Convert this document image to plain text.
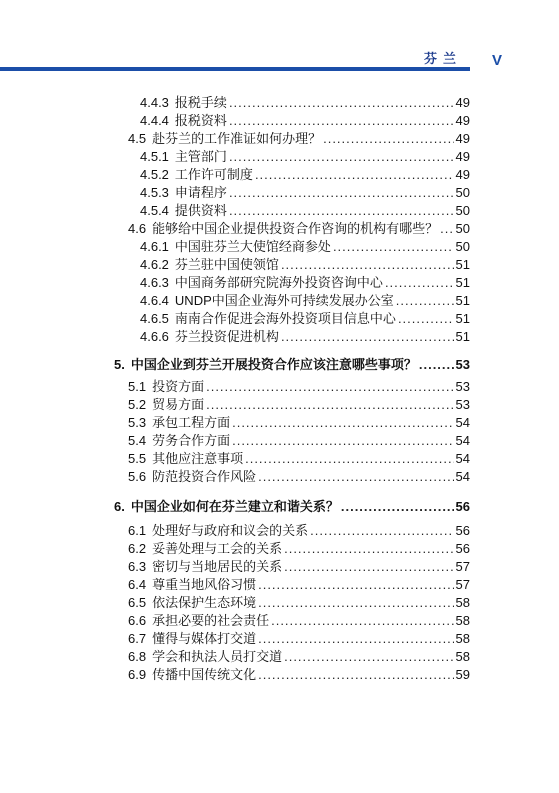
芬兰 V
4.4.3 报税手续 .....	49
4.4.4 报税资料 .....	49
4.5 赴芬兰的工作准证如何办理？ .....	49
4.5.1 主管部门 .....	49
4.5.2 工作许可制度 .....	49
4.5.3 申请程序 .....	50
4.5.4 提供资料 .....	50
4.6 能够给中国企业提供投资合作咨询的机构有哪些？ ..... 50
4.6.1 中国驻芬兰大使馆经商参处 .....	50
4.6.2 芬兰驻中国使领馆 .....	51
4.6.3 中国商务部研究院海外投资咨询中心 .....	51
4.6.4 UNDP中国企业海外可持续发展办公室 .....	51
4.6.5 南南合作促进会海外投资项目信息中心 .....	51
4.6.6 芬兰投资促进机构 .....	51
5. 中国企业到芬兰开展投资合作应该注意哪些事项？ .....	53
5.1 投资方面 .....	53
5.2 贸易方面 .....	53
5.3 承包工程方面 .....	54
5.4 劳务合作方面 .....	54
5.5 其他应注意事项 .....	54
5.6 防范投资合作风险 .....	54
6. 中国企业如何在芬兰建立和谐关系？ .....	56
6.1 处理好与政府和议会的关系 .....	56
6.2 妥善处理与工会的关系 .....	56
6.3 密切与当地居民的关系 .....	57
6.4 尊重当地风俗习惯 .....	57
6.5 依法保护生态环境 .....	58
6.6 承担必要的社会责任 .....	58
6.7 懂得与媒体打交道 .....	58
6.8 学会和执法人员打交道 .....	58
6.9 传播中国传统文化 .....	59
